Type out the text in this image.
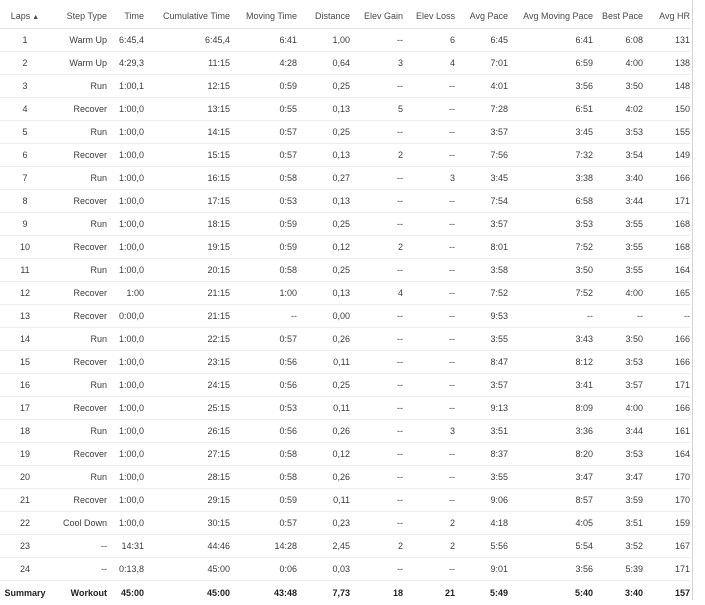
Laps ▲	Step Type	Time	Cumulative Time	Moving Time	Distance	Elev Gain	Elev Loss	Avg Pace	Avg Moving Pace	Best Pace	Avg HR
1	Warm Up	6:45,4	6:45,4	6:41	1,00	--	6	6:45	6:41	6:08	131
2	Warm Up	4:29,3	11:15	4:28	0,64	3	4	7:01	6:59	4:00	138
3	Run	1:00,1	12:15	0:59	0,25	--	--	4:01	3:56	3:50	148
4	Recover	1:00,0	13:15	0:55	0,13	5	--	7:28	6:51	4:02	150
5	Run	1:00,0	14:15	0:57	0,25	--	--	3:57	3:45	3:53	155
6	Recover	1:00,0	15:15	0:57	0,13	2	--	7:56	7:32	3:54	149
7	Run	1:00,0	16:15	0:58	0,27	--	3	3:45	3:38	3:40	166
8	Recover	1:00,0	17:15	0:53	0,13	--	--	7:54	6:58	3:44	171
9	Run	1:00,0	18:15	0:59	0,25	--	--	3:57	3:53	3:55	168
10	Recover	1:00,0	19:15	0:59	0,12	2	--	8:01	7:52	3:55	168
11	Run	1:00,0	20:15	0:58	0,25	--	--	3:58	3:50	3:55	164
12	Recover	1:00	21:15	1:00	0,13	4	--	7:52	7:52	4:00	165
13	Recover	0:00,0	21:15	--	0,00	--	--	9:53	--	--	--
14	Run	1:00,0	22:15	0:57	0,26	--	--	3:55	3:43	3:50	166
15	Recover	1:00,0	23:15	0:56	0,11	--	--	8:47	8:12	3:53	166
16	Run	1:00,0	24:15	0:56	0,25	--	--	3:57	3:41	3:57	171
17	Recover	1:00,0	25:15	0:53	0,11	--	--	9:13	8:09	4:00	166
18	Run	1:00,0	26:15	0:56	0,26	--	3	3:51	3:36	3:44	161
19	Recover	1:00,0	27:15	0:58	0,12	--	--	8:37	8:20	3:53	164
20	Run	1:00,0	28:15	0:58	0,26	--	--	3:55	3:47	3:47	170
21	Recover	1:00,0	29:15	0:59	0,11	--	--	9:06	8:57	3:59	170
22	Cool Down	1:00,0	30:15	0:57	0,23	--	2	4:18	4:05	3:51	159
23	--	14:31	44:46	14:28	2,45	2	2	5:56	5:54	3:52	167
24	--	0:13,8	45:00	0:06	0,03	--	--	9:01	3:56	5:39	171
Summary	Workout	45:00	45:00	43:48	7,73	18	21	5:49	5:40	3:40	157
